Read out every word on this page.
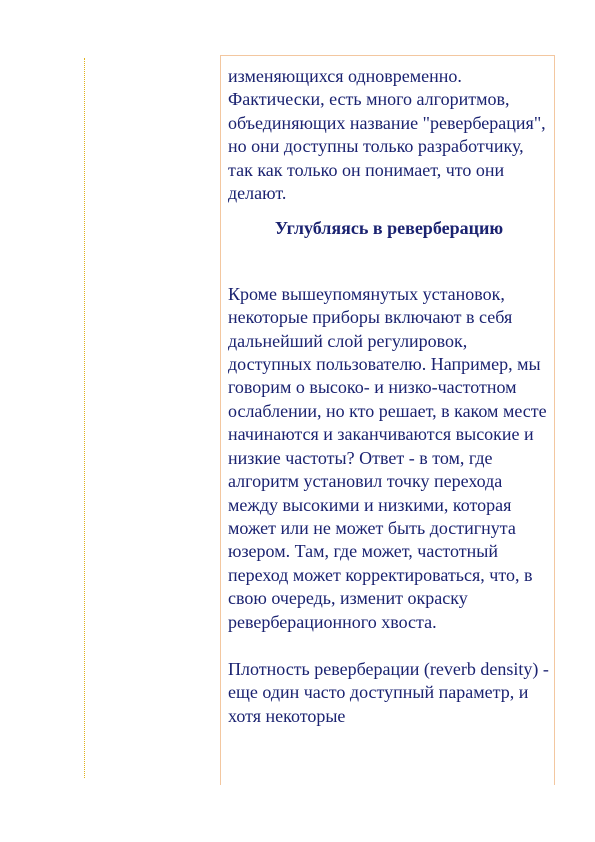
изменяющихся одновременно. Фактически, есть много алгоритмов, объединяющих название "реверберация", но они доступны только разработчику, так как только он понимает, что они делают.

Углубляясь в реверберацию

Кроме вышеупомянутых установок, некоторые приборы включают в себя дальнейший слой регулировок, доступных пользователю. Например, мы говорим о высоко- и низко-частотном ослаблении, но кто решает, в каком месте начинаются и заканчиваются высокие и низкие частоты? Ответ - в том, где алгоритм установил точку перехода между высокими и низкими, которая может или не может быть достигнута юзером. Там, где может, частотный переход может корректироваться, что, в свою очередь, изменит окраску реверберационного хвоста.

Плотность реверберации (reverb density) - еще один часто доступный параметр, и хотя некоторые
